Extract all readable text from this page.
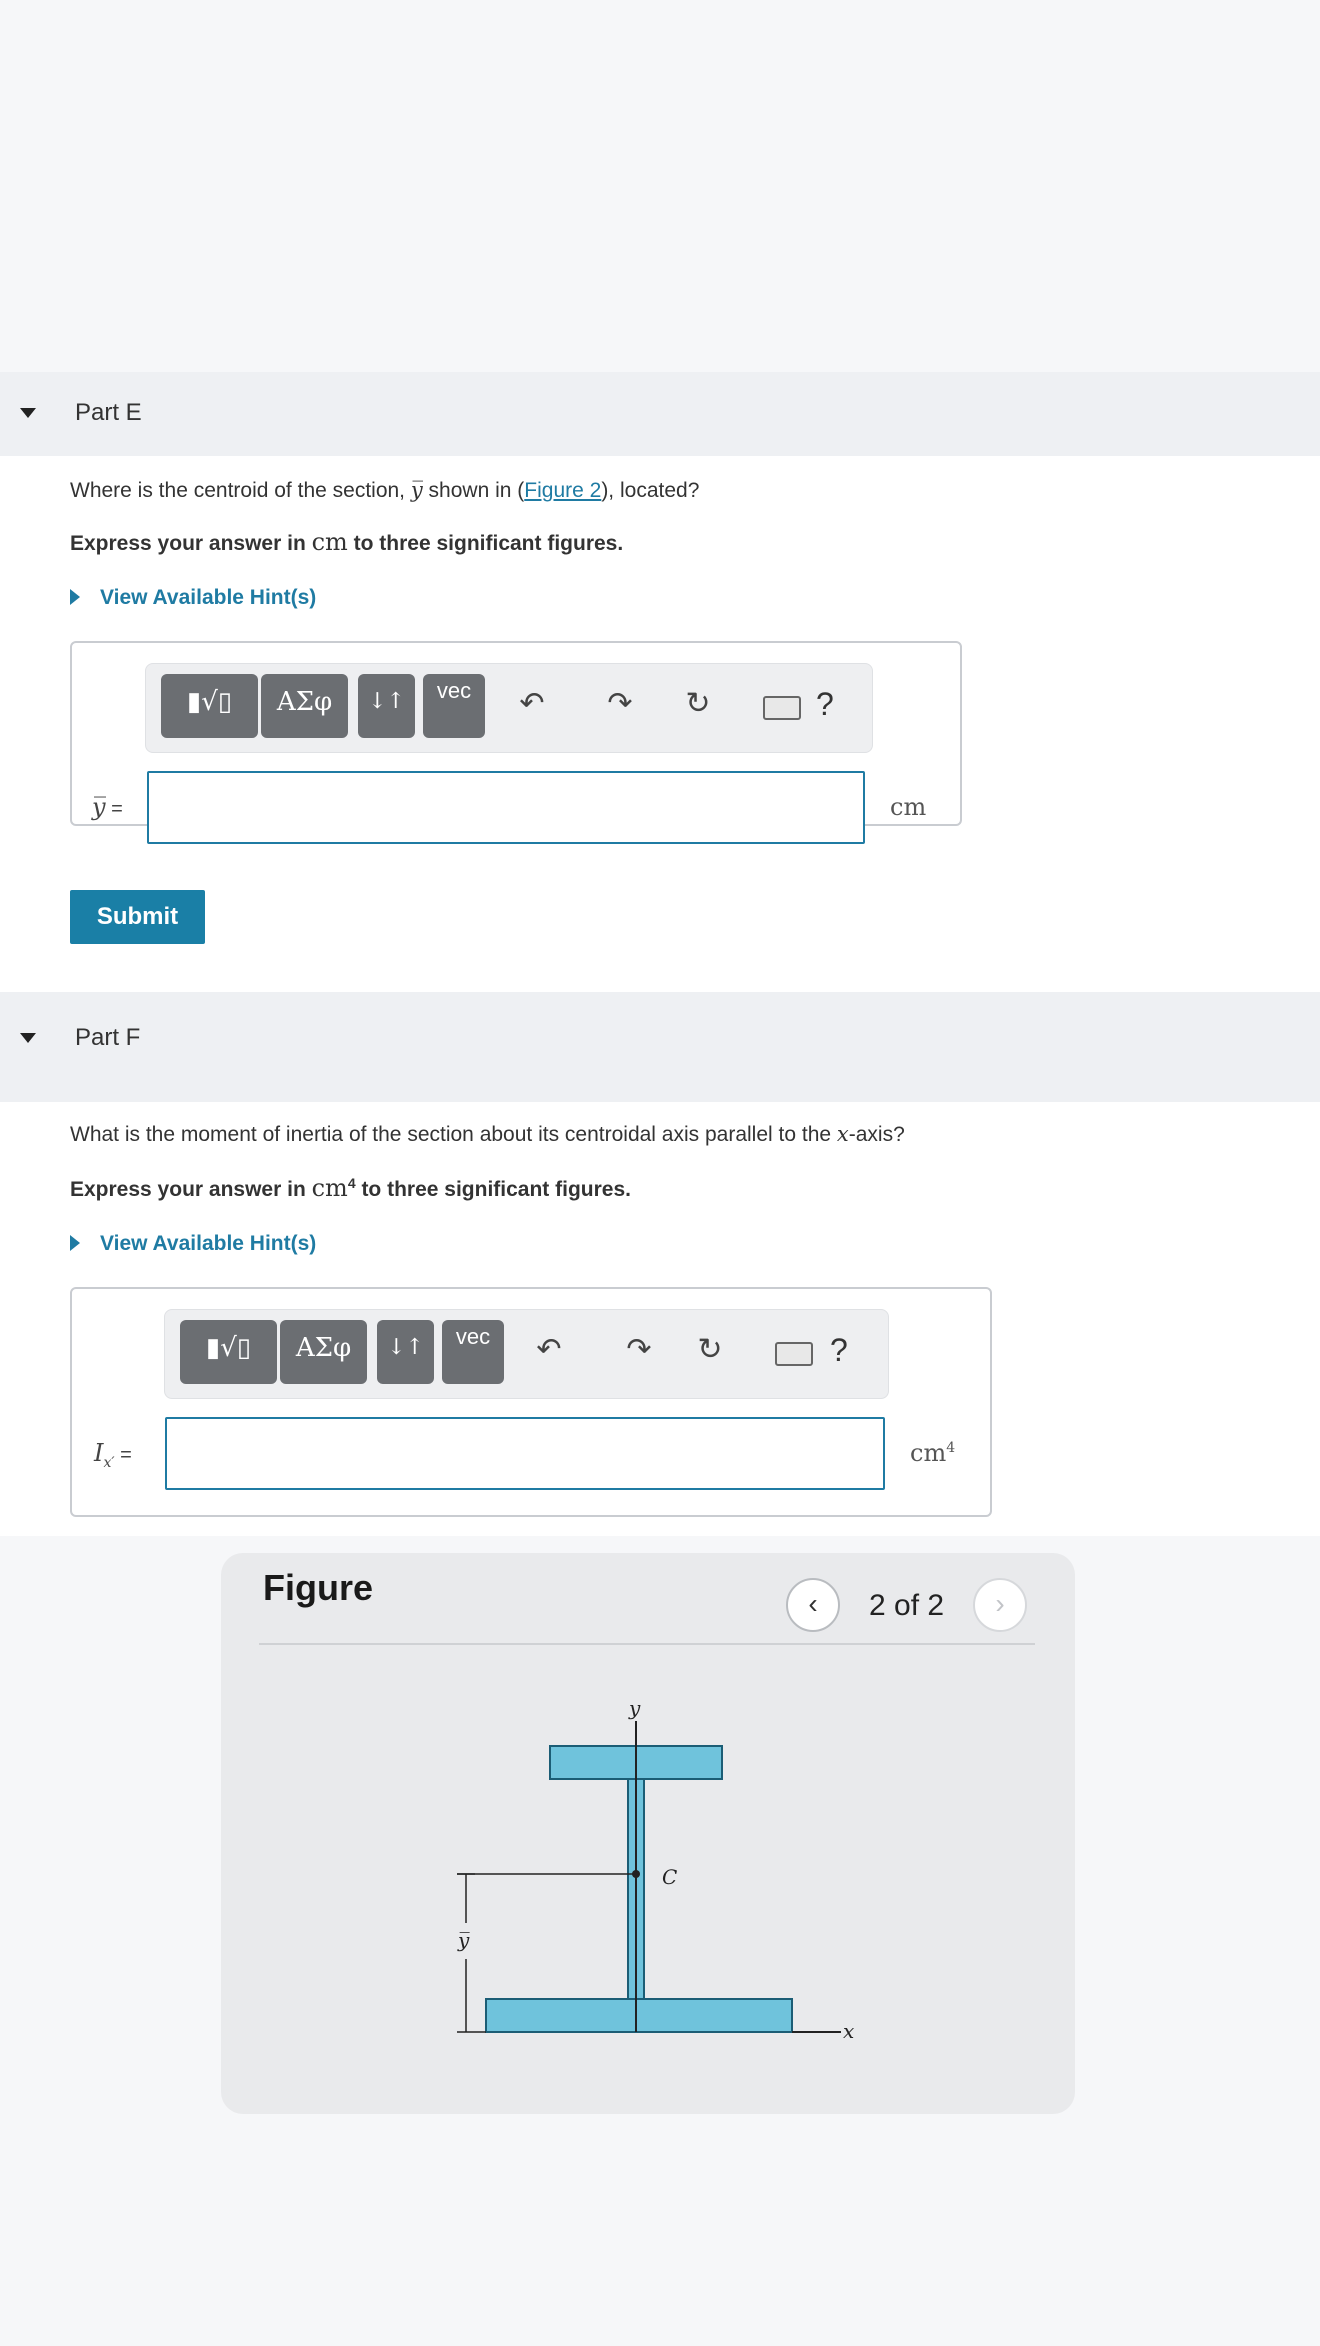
Part E
Where is the centroid of the section, y̅ shown in (Figure 2), located?
Express your answer in cm to three significant figures.
View Available Hint(s)
▮√▯	ΑΣφ	↓↑	vec	↶ ↷ ↻	?
y̅ =	cm
Submit
Part F
What is the moment of inertia of the section about its centroidal axis parallel to the x-axis?
Express your answer in $cm^4$ to three significant figures.
View Available Hint(s)
▮√▯	ΑΣφ	↓↑	vec	↶ ↷ ↻	?
$I_{x'}$ =	$cm^4$
Figure	‹	2 of 2	›
y̅
y
C
x
